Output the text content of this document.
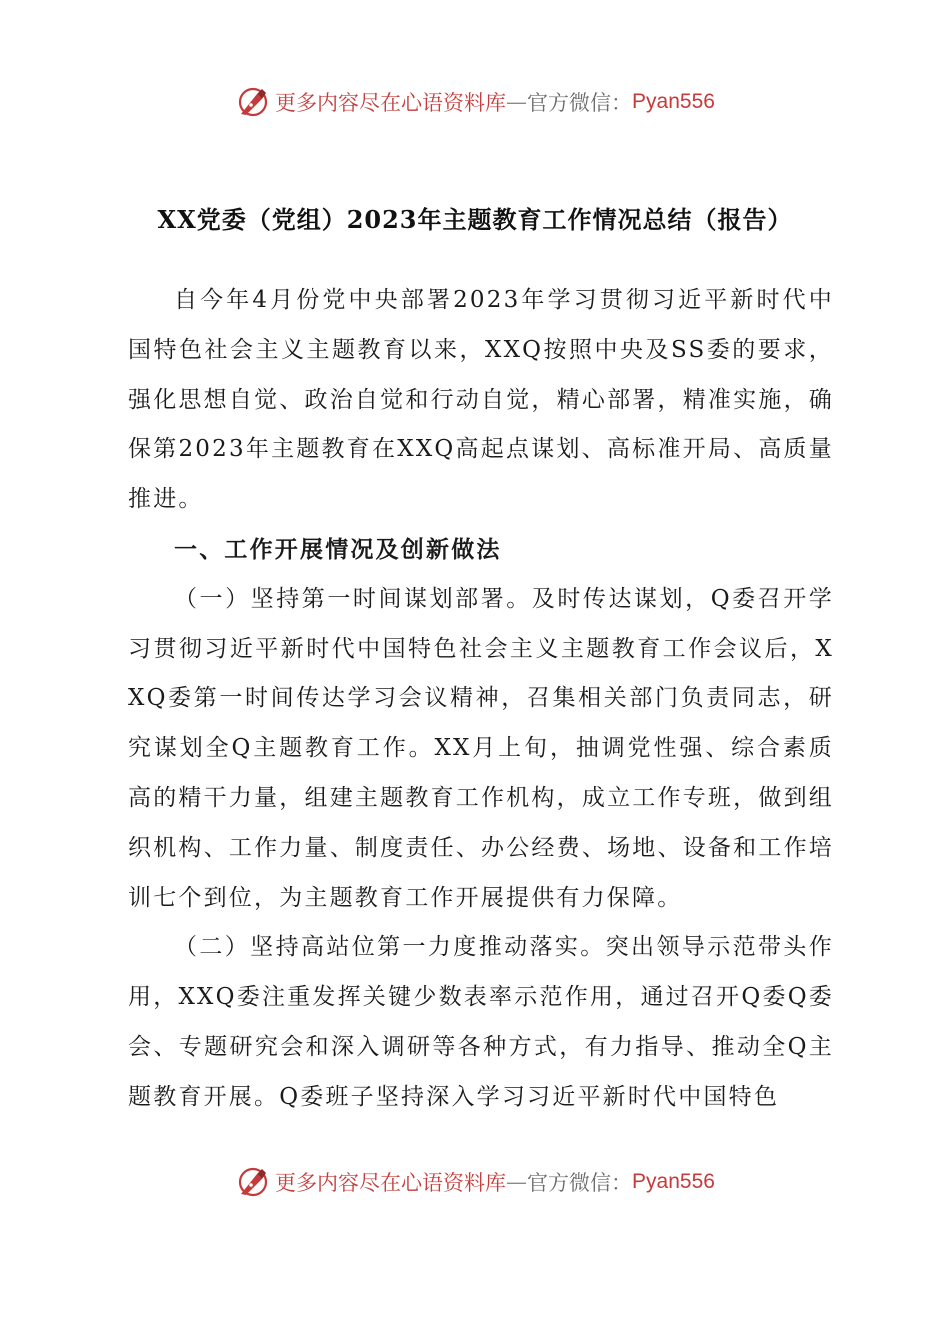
更多内容尽在心语资料库 — 官方微信： Pyan556
XX党委（党组）2023年主题教育工作情况总结（报告）

自今年4月份党中央部署2023年学习贯彻习近平新时代中国特色社会主义主题教育以来，XXQ按照中央及SS委的要求，强化思想自觉、政治自觉和行动自觉，精心部署，精准实施，确保第2023年主题教育在XXQ高起点谋划、高标准开局、高质量推进。

一、工作开展情况及创新做法

（一）坚持第一时间谋划部署。及时传达谋划，Q委召开学习贯彻习近平新时代中国特色社会主义主题教育工作会议后，XXQ委第一时间传达学习会议精神，召集相关部门负责同志，研究谋划全Q主题教育工作。XX月上旬，抽调党性强、综合素质高的精干力量，组建主题教育工作机构，成立工作专班，做到组织机构、工作力量、制度责任、办公经费、场地、设备和工作培训七个到位，为主题教育工作开展提供有力保障。

（二）坚持高站位第一力度推动落实。突出领导示范带头作用，XXQ委注重发挥关键少数表率示范作用，通过召开Q委Q委会、专题研究会和深入调研等各种方式，有力指导、推动全Q主题教育开展。Q委班子坚持深入学习习近平新时代中国特色

更多内容尽在心语资料库 — 官方微信： Pyan556
